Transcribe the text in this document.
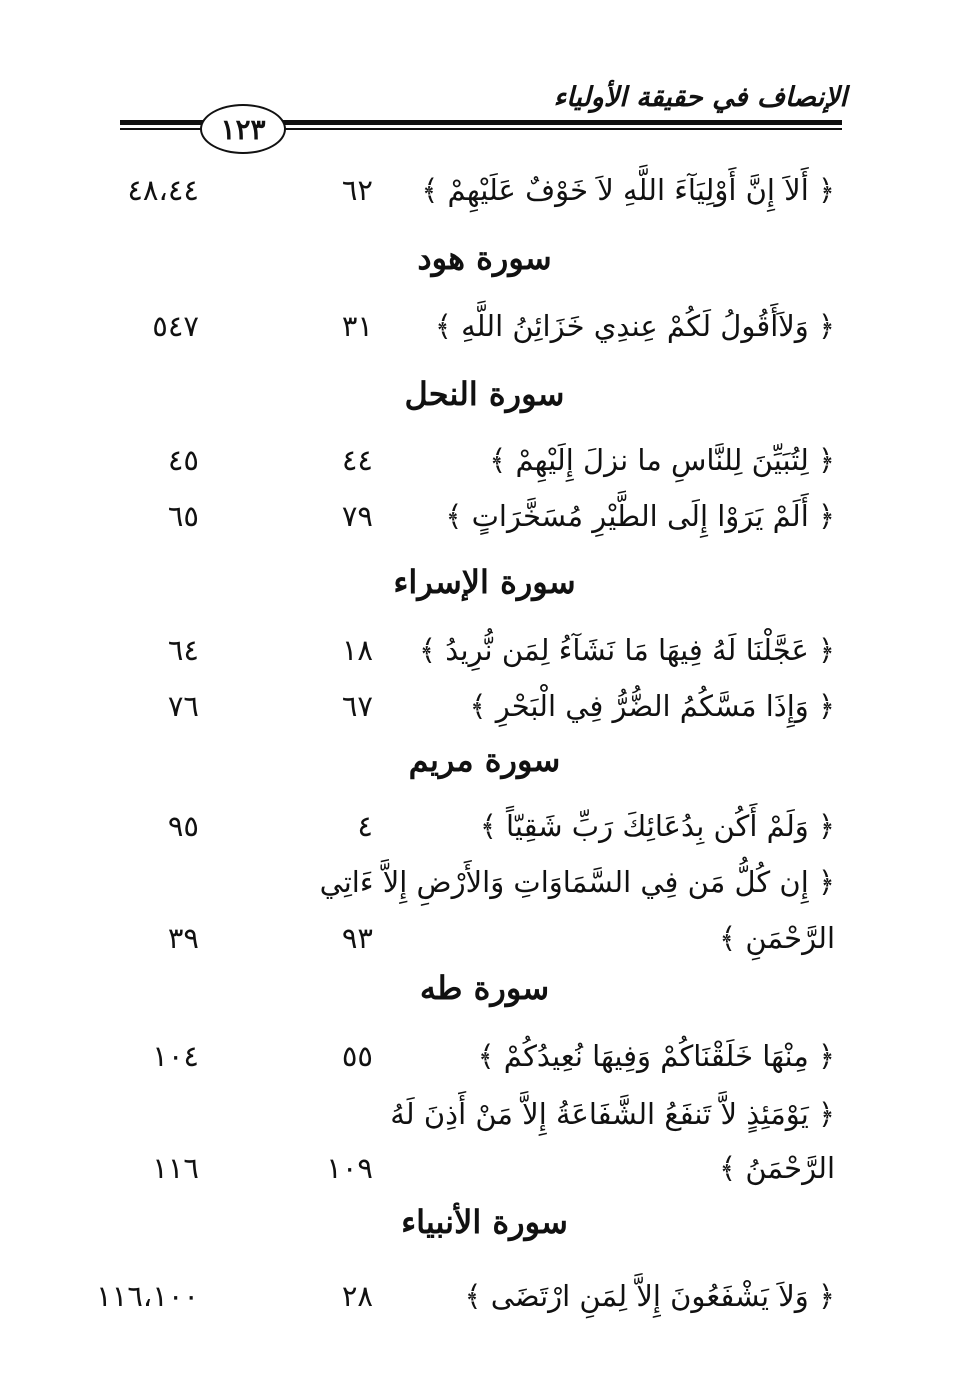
الإنصاف في حقيقة الأولياء
١٢٣
﴿ أَلاَ إِنَّ أَوْلِيَآءَ اللَّهِ لاَ خَوْفٌ عَلَيْهِمْ ﴾
٦٢
٤٨،٤٤
سورة هود
﴿ وَلاَأَقُولُ لَكُمْ عِندِي خَزَائِنُ اللَّهِ ﴾
٣١
٥٤٧
سورة النحل
﴿ لِتُبَيِّنَ لِلنَّاسِ ما نزلَ إِلَيْهِمْ ﴾
٤٤
٤٥
﴿ أَلَمْ يَرَوْا إِلَى الطَّيْرِ مُسَخَّرَاتٍ ﴾
٧٩
٦٥
سورة الإسراء
﴿ عَجَّلْنَا لَهُ فِيهَا مَا نَشَآءُ لِمَن نُّرِيدُ ﴾
١٨
٦٤
﴿ وَإِذَا مَسَّكُمُ الضُّرُّ فِي الْبَحْرِ ﴾
٦٧
٧٦
سورة مريم
﴿ وَلَمْ أَكُن بِدُعَائِكَ رَبِّ شَقِيّاً ﴾
٤
٩٥
﴿ إِن كُلُّ مَن فِي السَّمَاوَاتِ وَالأَرْضِ إِلاَّ ءَاتِي
الرَّحْمَنِ ﴾
٩٣
٣٩
سورة طه
﴿ مِنْهَا خَلَقْنَاكُمْ وَفِيهَا نُعِيدُكُمْ ﴾
٥٥
١٠٤
﴿ يَوْمَئِذٍ لاَّ تَنفَعُ الشَّفَاعَةُ إِلاَّ مَنْ أَذِنَ لَهُ
الرَّحْمَنُ ﴾
١٠٩
١١٦
سورة الأنبياء
﴿ وَلاَ يَشْفَعُونَ إِلاَّ لِمَنِ ارْتَضَى ﴾
٢٨
١١٦،١٠٠
